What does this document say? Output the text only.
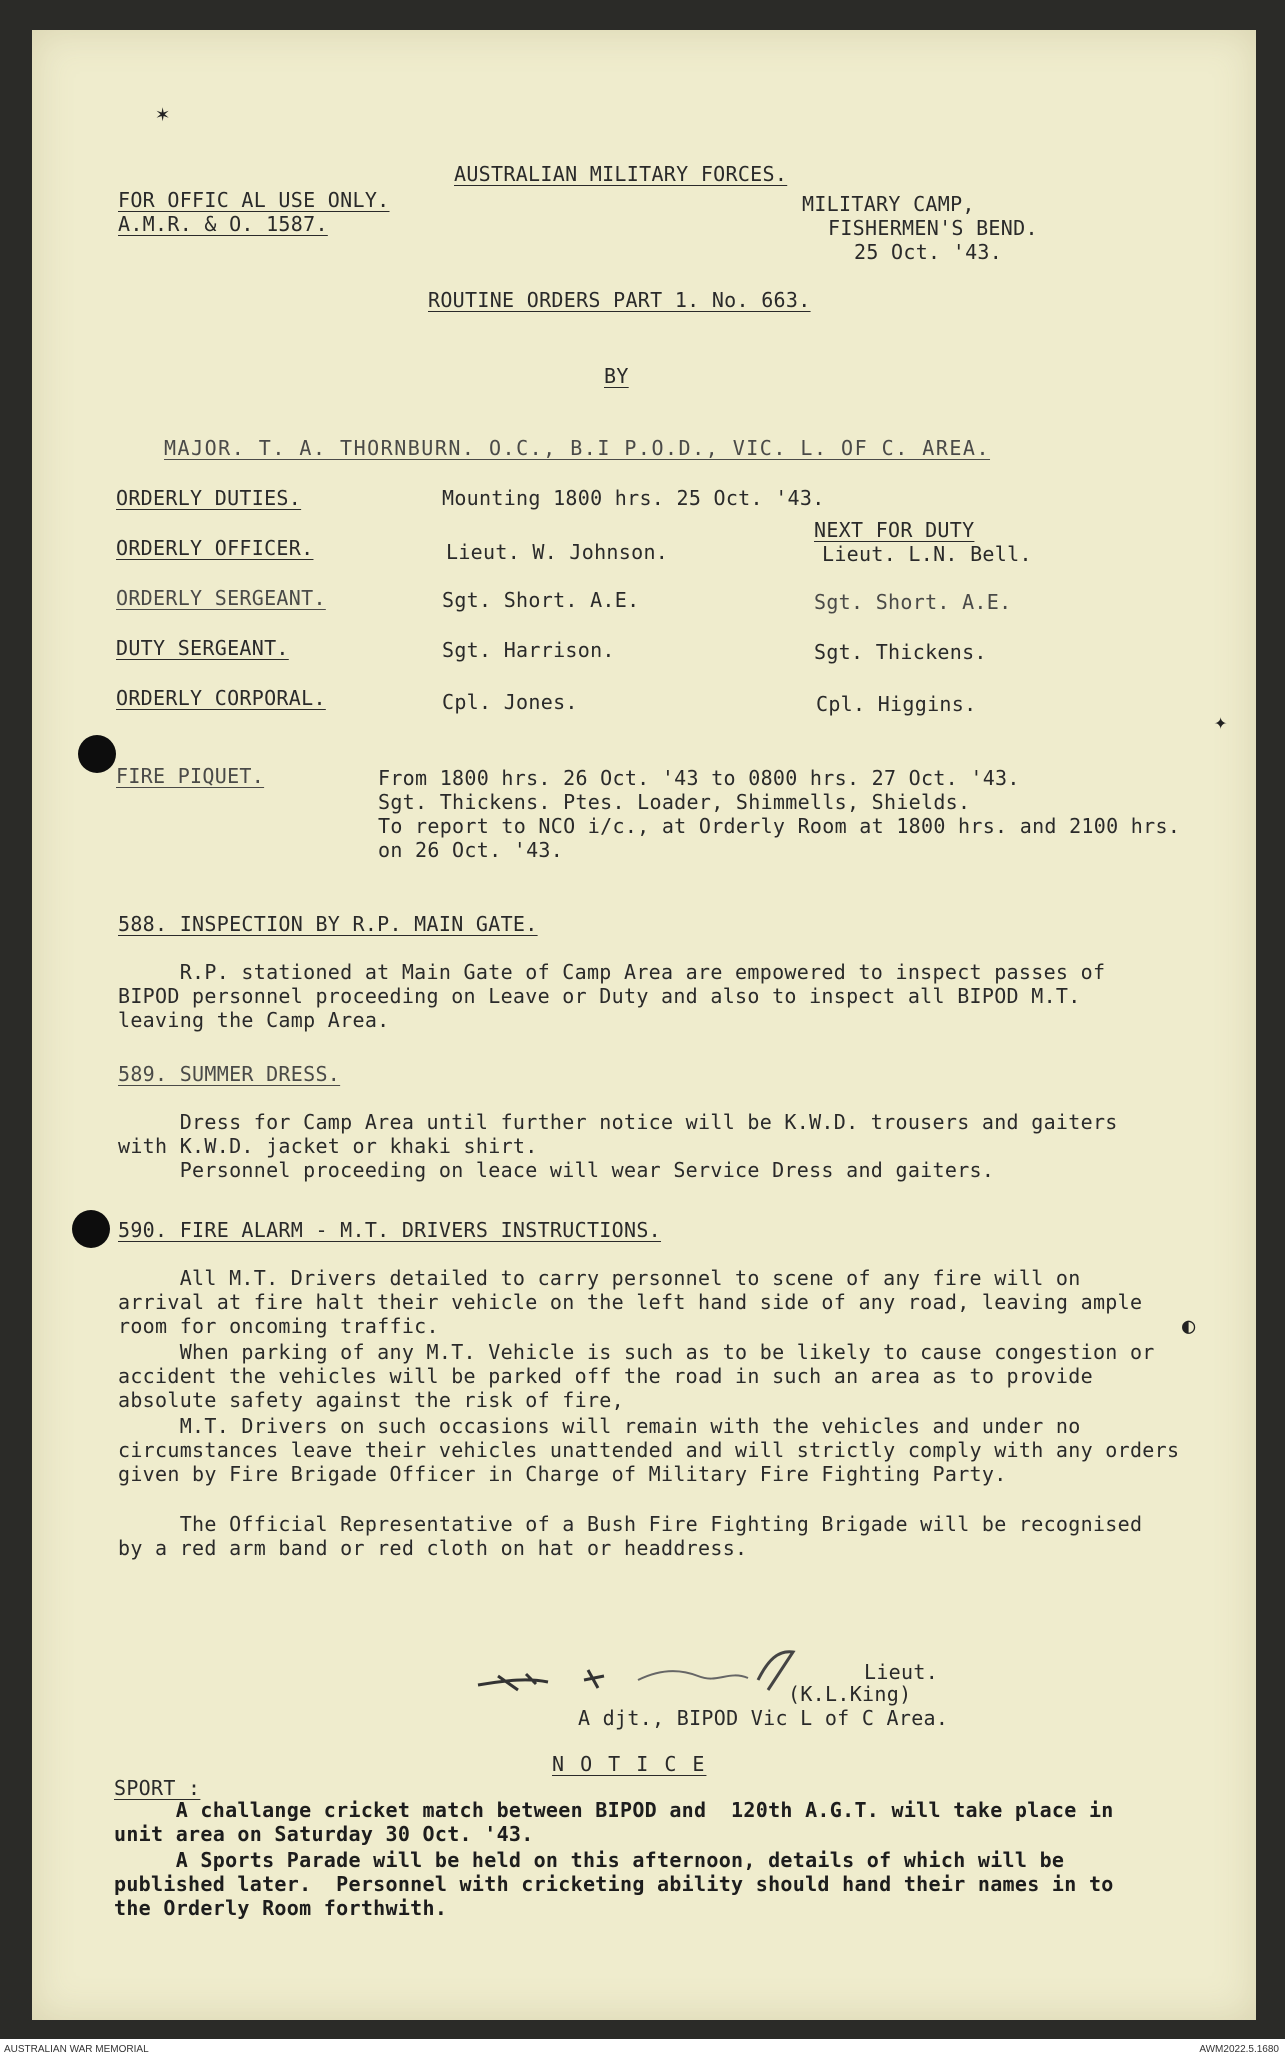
AUSTRALIAN MILITARY FORCES.
FOR OFFIC AL USE ONLY.
A.M.R. & O. 1587.
MILITARY CAMP,
FISHERMEN'S BEND.
25 Oct. '43.
ROUTINE ORDERS PART 1. No. 663.
BY
MAJOR. T. A. THORNBURN. O.C., B.I P.O.D., VIC. L. OF C. AREA.
NEXT FOR DUTY
ORDERLY DUTIES.	Mounting 1800 hrs. 25 Oct. '43.
ORDERLY OFFICER.	Lieut. W. Johnson.	Lieut. L.N. Bell.
ORDERLY SERGEANT.	Sgt. Short. A.E.	Sgt. Short. A.E.
DUTY SERGEANT.	Sgt. Harrison.	Sgt. Thickens.
ORDERLY CORPORAL.	Cpl. Jones.	Cpl. Higgins.
FIRE PIQUET.	From 1800 hrs. 26 Oct. '43 to 0800 hrs. 27 Oct. '43.
Sgt. Thickens. Ptes. Loader, Shimmells, Shields.
To report to NCO i/c., at Orderly Room at 1800 hrs. and 2100 hrs.
on 26 Oct. '43.
588. INSPECTION BY R.P. MAIN GATE.
R.P. stationed at Main Gate of Camp Area are empowered to inspect passes of
BIPOD personnel proceeding on Leave or Duty and also to inspect all BIPOD M.T.
leaving the Camp Area.
589. SUMMER DRESS.
Dress for Camp Area until further notice will be K.W.D. trousers and gaiters
with K.W.D. jacket or khaki shirt.
Personnel proceeding on leace will wear Service Dress and gaiters.
590. FIRE ALARM - M.T. DRIVERS INSTRUCTIONS.
All M.T. Drivers detailed to carry personnel to scene of any fire will on
arrival at fire halt their vehicle on the left hand side of any road, leaving ample
room for oncoming traffic.
When parking of any M.T. Vehicle is such as to be likely to cause congestion or
accident the vehicles will be parked off the road in such an area as to provide
absolute safety against the risk of fire,
M.T. Drivers on such occasions will remain with the vehicles and under no
circumstances leave their vehicles unattended and will strictly comply with any orders
given by Fire Brigade Officer in Charge of Military Fire Fighting Party.
The Official Representative of a Bush Fire Fighting Brigade will be recognised
by a red arm band or red cloth on hat or headdress.
Lieut.
(K.L.King)
A djt., BIPOD Vic L of C Area.
N O T I C E
SPORT :
A challange cricket match between BIPOD and  120th A.G.T. will take place in
unit area on Saturday 30 Oct. '43.
A Sports Parade will be held on this afternoon, details of which will be
published later.  Personnel with cricketing ability should hand their names in to
the Orderly Room forthwith.
✶
✦
◐
AUSTRALIAN WAR MEMORIAL	AWM2022.5.1680
